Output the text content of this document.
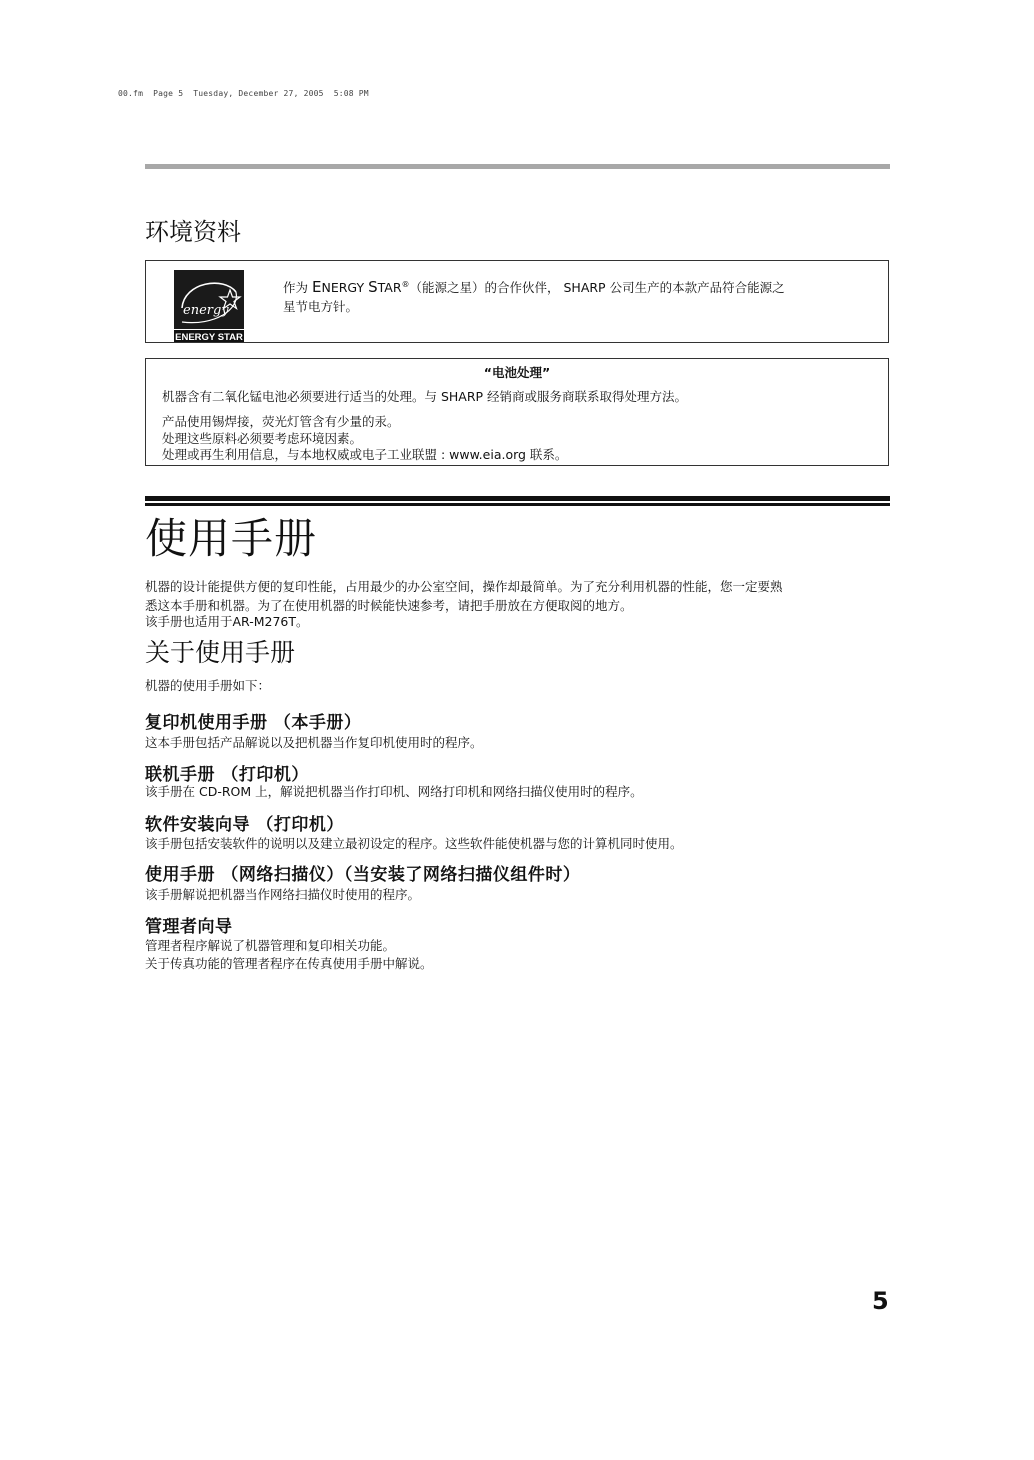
00.fm  Page 5  Tuesday, December 27, 2005  5:08 PM
环境资料
energy
ENERGY STAR
作为 ENERGY STAR®（能源之星）的合作伙伴， SHARP 公司生产的本款产品符合能源之
星节电方针。
“电池处理”
机器含有二氧化锰电池必须要进行适当的处理。与 SHARP 经销商或服务商联系取得处理方法。
产品使用锡焊接，荧光灯管含有少量的汞。
处理这些原料必须要考虑环境因素。
处理或再生利用信息，与本地权威或电子工业联盟 : www.eia.org 联系。
使用手册
机器的设计能提供方便的复印性能，占用最少的办公室空间，操作却最简单。为了充分利用机器的性能，您一定要熟
悉这本手册和机器。为了在使用机器的时候能快速参考，请把手册放在方便取阅的地方。
该手册也适用于AR-M276T。
关于使用手册
机器的使用手册如下：
复印机使用手册 （本手册）
这本手册包括产品解说以及把机器当作复印机使用时的程序。
联机手册 （打印机）
该手册在 CD-ROM 上，解说把机器当作打印机、网络打印机和网络扫描仪使用时的程序。
软件安装向导 （打印机）
该手册包括安装软件的说明以及建立最初设定的程序。这些软件能使机器与您的计算机同时使用。
使用手册 （网络扫描仪）（当安装了网络扫描仪组件时）
该手册解说把机器当作网络扫描仪时使用的程序。
管理者向导
管理者程序解说了机器管理和复印相关功能。
关于传真功能的管理者程序在传真使用手册中解说。
5
